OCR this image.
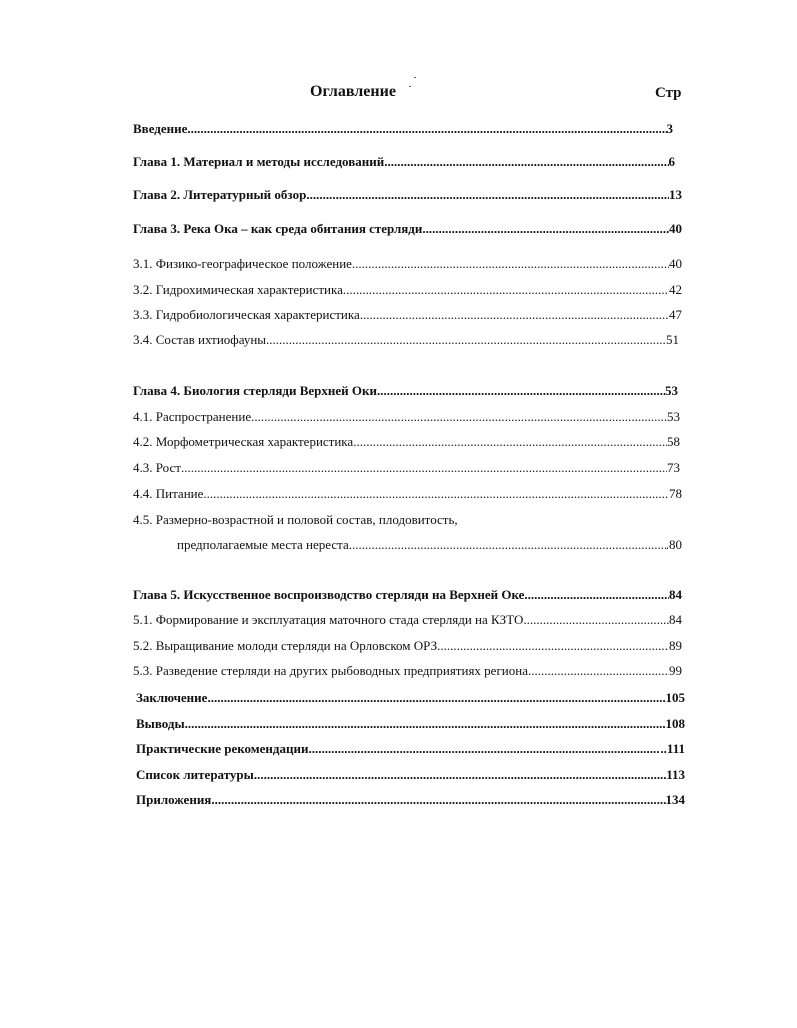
Оглавление	Стр
Введение .....	3
Глава 1. Материал и методы исследований .....	6
Глава 2. Литературный обзор .....	13
Глава 3. Река Ока – как среда обитания стерляди .....	40
3.1. Физико-географическое положение .....	40
3.2. Гидрохимическая характеристика .....	42
3.3. Гидробиологическая характеристика .....	47
3.4. Состав ихтиофауны .....	51
Глава 4. Биология стерляди Верхней Оки .....	53
4.1. Распространение .....	53
4.2. Морфометрическая характеристика .....	58
4.3. Рост .....	73
4.4. Питание .....	78
4.5. Размерно-возрастной и половой состав, плодовитость,
предполагаемые места нереста .....	.80
Глава 5. Искусственное воспроизводство стерляди на Верхней Оке .....	84
5.1. Формирование и эксплуатация маточного стада стерляди на КЗТО .....	84
5.2. Выращивание молоди стерляди на Орловском ОРЗ .....	89
5.3. Разведение стерляди на других рыбоводных предприятиях региона .....	99
Заключение .....	105
Выводы .....	108
Практические рекомендации .....	..111
Список литературы .....	113
Приложения .....	134
